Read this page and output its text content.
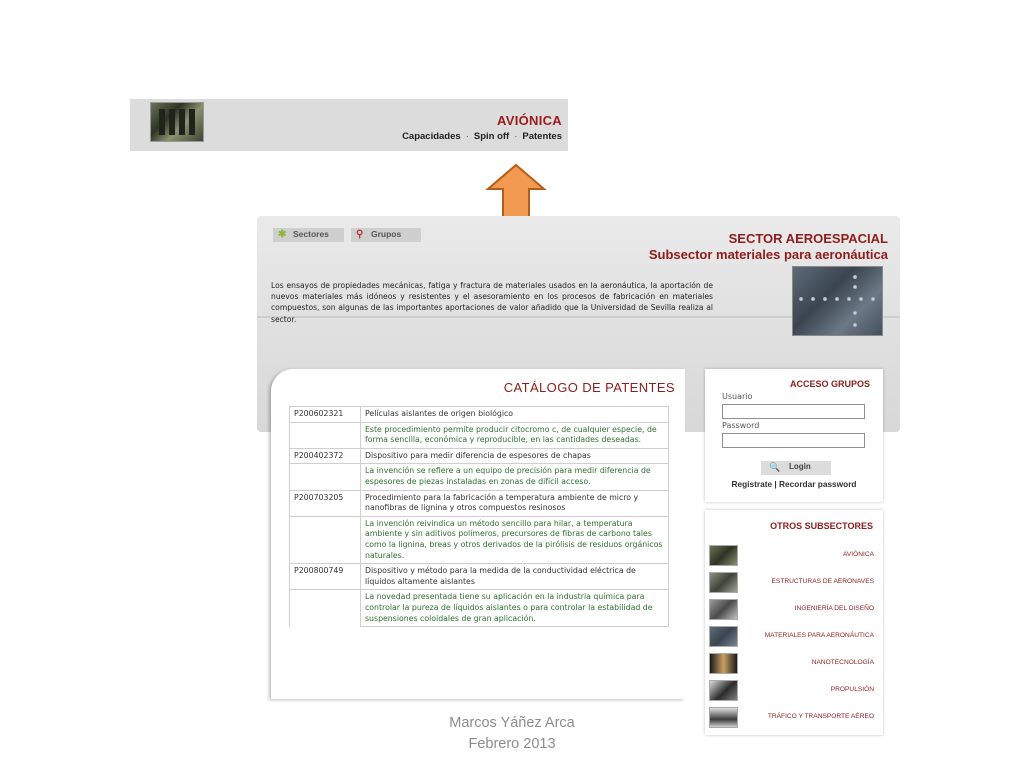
AVIÓNICA
Capacidades · Spin off · Patentes
✱ Sectores	⚲ Grupos	SECTOR AEROESPACIAL
Subsector materiales para aeronáutica

Los ensayos de propiedades mecánicas, fatiga y fractura de materiales usados en la aeronáutica, la aportación de nuevos materiales más idóneos y resistentes y el asesoramiento en los procesos de fabricación en materiales compuestos, son algunas de las importantes aportaciones de valor añadido que la Universidad de Sevilla realiza al sector.

CATÁLOGO DE PATENTES
P200602321	Películas aislantes de origen biológico
	Este procedimiento permite producir citocromo c, de cualquier especie, de forma sencilla, económica y reproducible, en las cantidades deseadas.
P200402372	Dispositivo para medir diferencia de espesores de chapas
	La invención se refiere a un equipo de precisión para medir diferencia de espesores de piezas instaladas en zonas de difícil acceso.
P200703205	Procedimiento para la fabricación a temperatura ambiente de micro y nanofibras de lignina y otros compuestos resinosos
	La invención reivindica un método sencillo para hilar, a temperatura ambiente y sin aditivos polímeros, precursores de fibras de carbono tales como la lignina, breas y otros derivados de la pirólisis de residuos orgánicos naturales.
P200800749	Dispositivo y método para la medida de la conductividad eléctrica de líquidos altamente aislantes
	La novedad presentada tiene su aplicación en la industria química para controlar la pureza de líquidos aislantes o para controlar la estabilidad de suspensiones coloidales de gran aplicación.
ACCESO GRUPOS
Usuario
Password
🔍 Login
Regístrate | Recordar password
OTROS SUBSECTORES
AVIÓNICA
ESTRUCTURAS DE AERONAVES
INGENIERÍA DEL DISEÑO
MATERIALES PARA AERONÁUTICA
NANOTECNOLOGÍA
PROPULSIÓN
TRÁFICO Y TRANSPORTE AÉREO
Marcos Yáñez Arca
Febrero 2013
